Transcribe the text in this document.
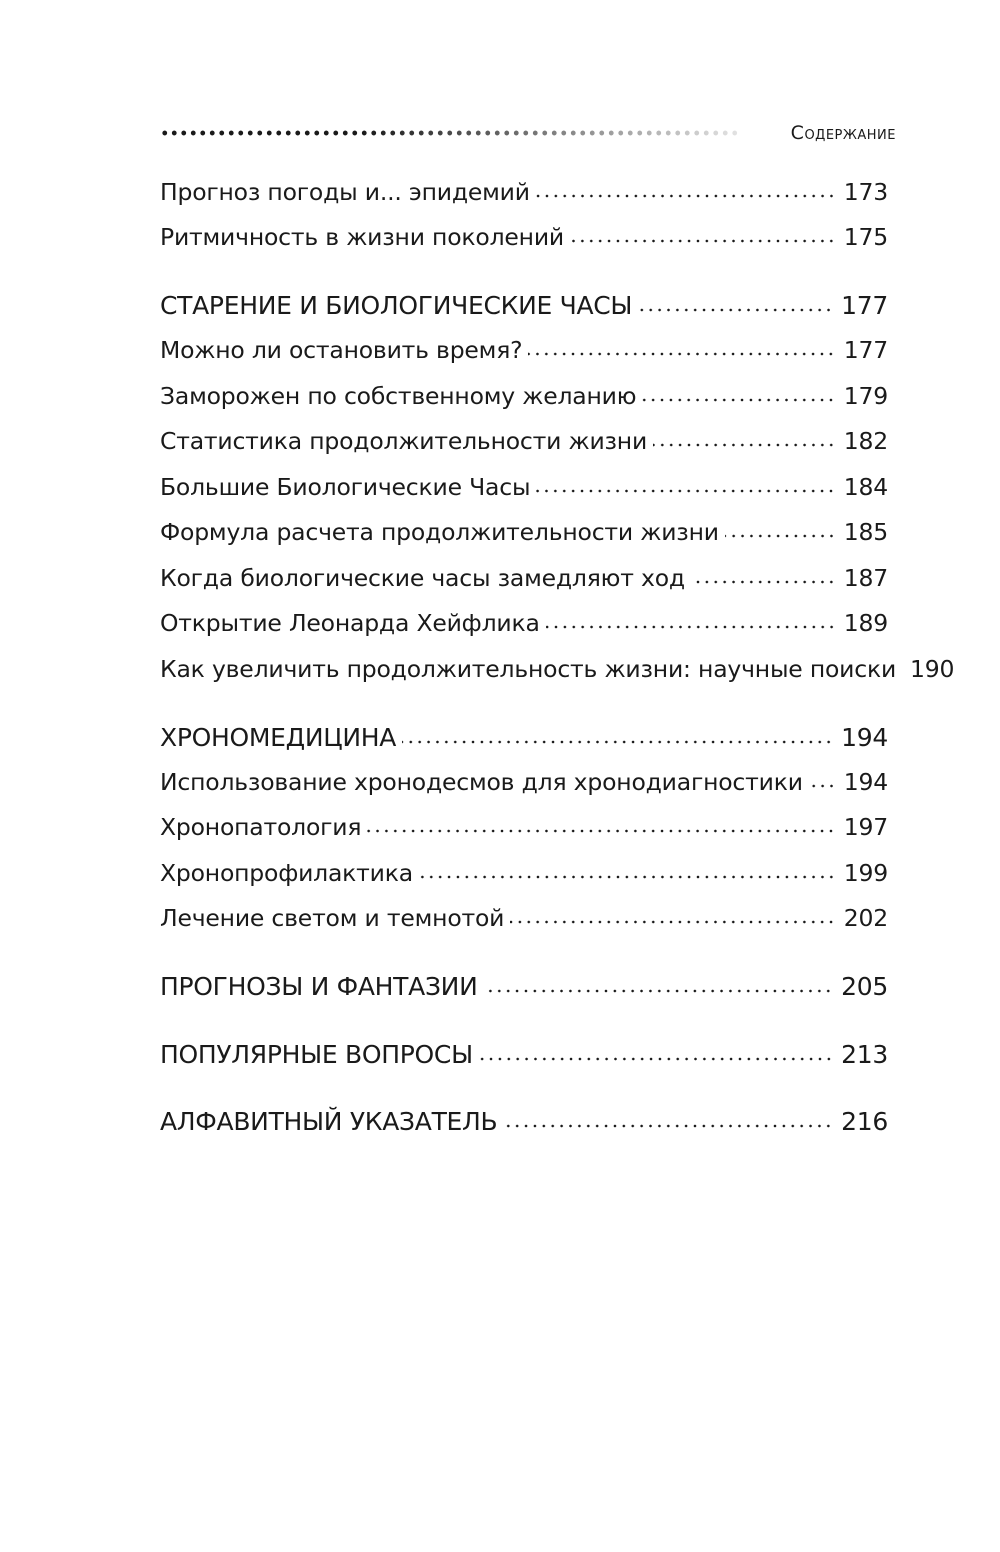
Содержание
Прогноз погоды и... эпидемий	173
Ритмичность в жизни поколений	175
СТАРЕНИЕ И БИОЛОГИЧЕСКИЕ ЧАСЫ	177
Можно ли остановить время?	177
Заморожен по собственному желанию	179
Статистика продолжительности жизни	182
Большие Биологические Часы	184
Формула расчета продолжительности жизни	185
Когда биологические часы замедляют ход	187
Открытие Леонарда Хейфлика	189
Как увеличить продолжительность жизни: научные поиски 190
ХРОНОМЕДИЦИНА	194
Использование хронодесмов для хронодиагностики 194
Хронопатология	197
Хронопрофилактика	199
Лечение светом и темнотой	202
ПРОГНОЗЫ И ФАНТАЗИИ	205
ПОПУЛЯРНЫЕ ВОПРОСЫ	213
АЛФАВИТНЫЙ УКАЗАТЕЛЬ	216
